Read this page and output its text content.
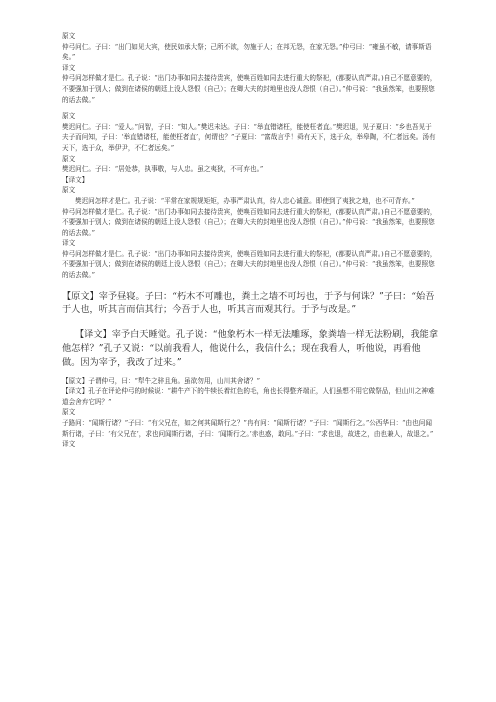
原文

仲弓问仁。子曰：“出门如见大宾，使民如承大祭；己所不欲，勿施于人；在邦无怨，在家无怨。”仲弓曰：“雍虽不敏，请事斯语矣。”

译文

仲弓问怎样做才是仁。孔子说：“出门办事如同去接待贵宾，使唤百姓如同去进行重大的祭祀，(都要认真严肃。)自己不愿意要的，不要强加于别人；做到在诸侯的朝廷上没人怨恨（自己）；在卿大夫的封地里也没人怨恨（自己）。”仲弓说：“我虽然笨，也要照您的话去做。”

原文

樊迟问仁。子曰：“爱人。”问智，子曰：“知人。”樊迟未达。子曰：“举直错诸枉，能使枉者直。”樊迟退，见子夏曰：“乡也吾见于夫子而问知，子曰：‘举直错诸枉，能使枉者直’，何谓也？”子夏曰：“富哉言乎！舜有天下，选于众，举皋陶，不仁者远矣。汤有天下，选于众，举伊尹，不仁者远矣。”

原文

樊迟问仁。子曰：“居处恭，执事敬，与人忠。虽之夷狄，不可弃也。”

【译文】

原文

樊迟问怎样才是仁。孔子说：“平常在家规规矩矩，办事严肃认真，待人忠心诚意。即使到了夷狄之地，也不可背弃。”

仲弓问怎样做才是仁。孔子说：“出门办事如同去接待贵宾，使唤百姓如同去进行重大的祭祀，(都要认真严肃。)自己不愿意要的，不要强加于别人；做到在诸侯的朝廷上没人怨恨（自己）；在卿大夫的封地里也没人怨恨（自己）。”仲弓说：“我虽然笨，也要照您的话去做。”

译文

仲弓问怎样做才是仁。孔子说：“出门办事如同去接待贵宾，使唤百姓如同去进行重大的祭祀，(都要认真严肃。)自己不愿意要的，不要强加于别人；做到在诸侯的朝廷上没人怨恨（自己）；在卿大夫的封地里也没人怨恨（自己）。”仲弓说：“我虽然笨，也要照您的话去做。”

【原文】宰予昼寝。子曰：“朽木不可雕也，粪土之墙不可圬也，于予与何诛？”子曰：“始吾于人也，听其言而信其行；今吾于人也，听其言而观其行。于予与改是。”

【译文】宰予白天睡觉。孔子说：“他象朽木一样无法雕琢，象粪墙一样无法粉刷，我能拿他怎样？”孔子又说：“以前我看人，他说什么，我信什么；现在我看人，听他说，再看他做。因为宰予，我改了过来。”

【原文】子谓仲弓，曰：“犁牛之骍且角。虽欲勿用，山川其舍诸？”

【译文】孔子在评论仲弓的时候说：“耕牛产下的牛犊长着红色的毛，角也长得整齐端正，人们虽想不用它做祭品，但山川之神难道会舍弃它吗？”

原文

子路问：“闻斯行诸？”子曰：“有父兄在，如之何其闻斯行之？”冉有问：“闻斯行诸？”子曰：“闻斯行之。”公西华曰：“由也问闻斯行诸，子曰：‘有父兄在’，求也问闻斯行诸，子曰：‘闻斯行之。’赤也惑，敢问。”子曰：“求也退，故进之，由也兼人，故退之。”

译文
